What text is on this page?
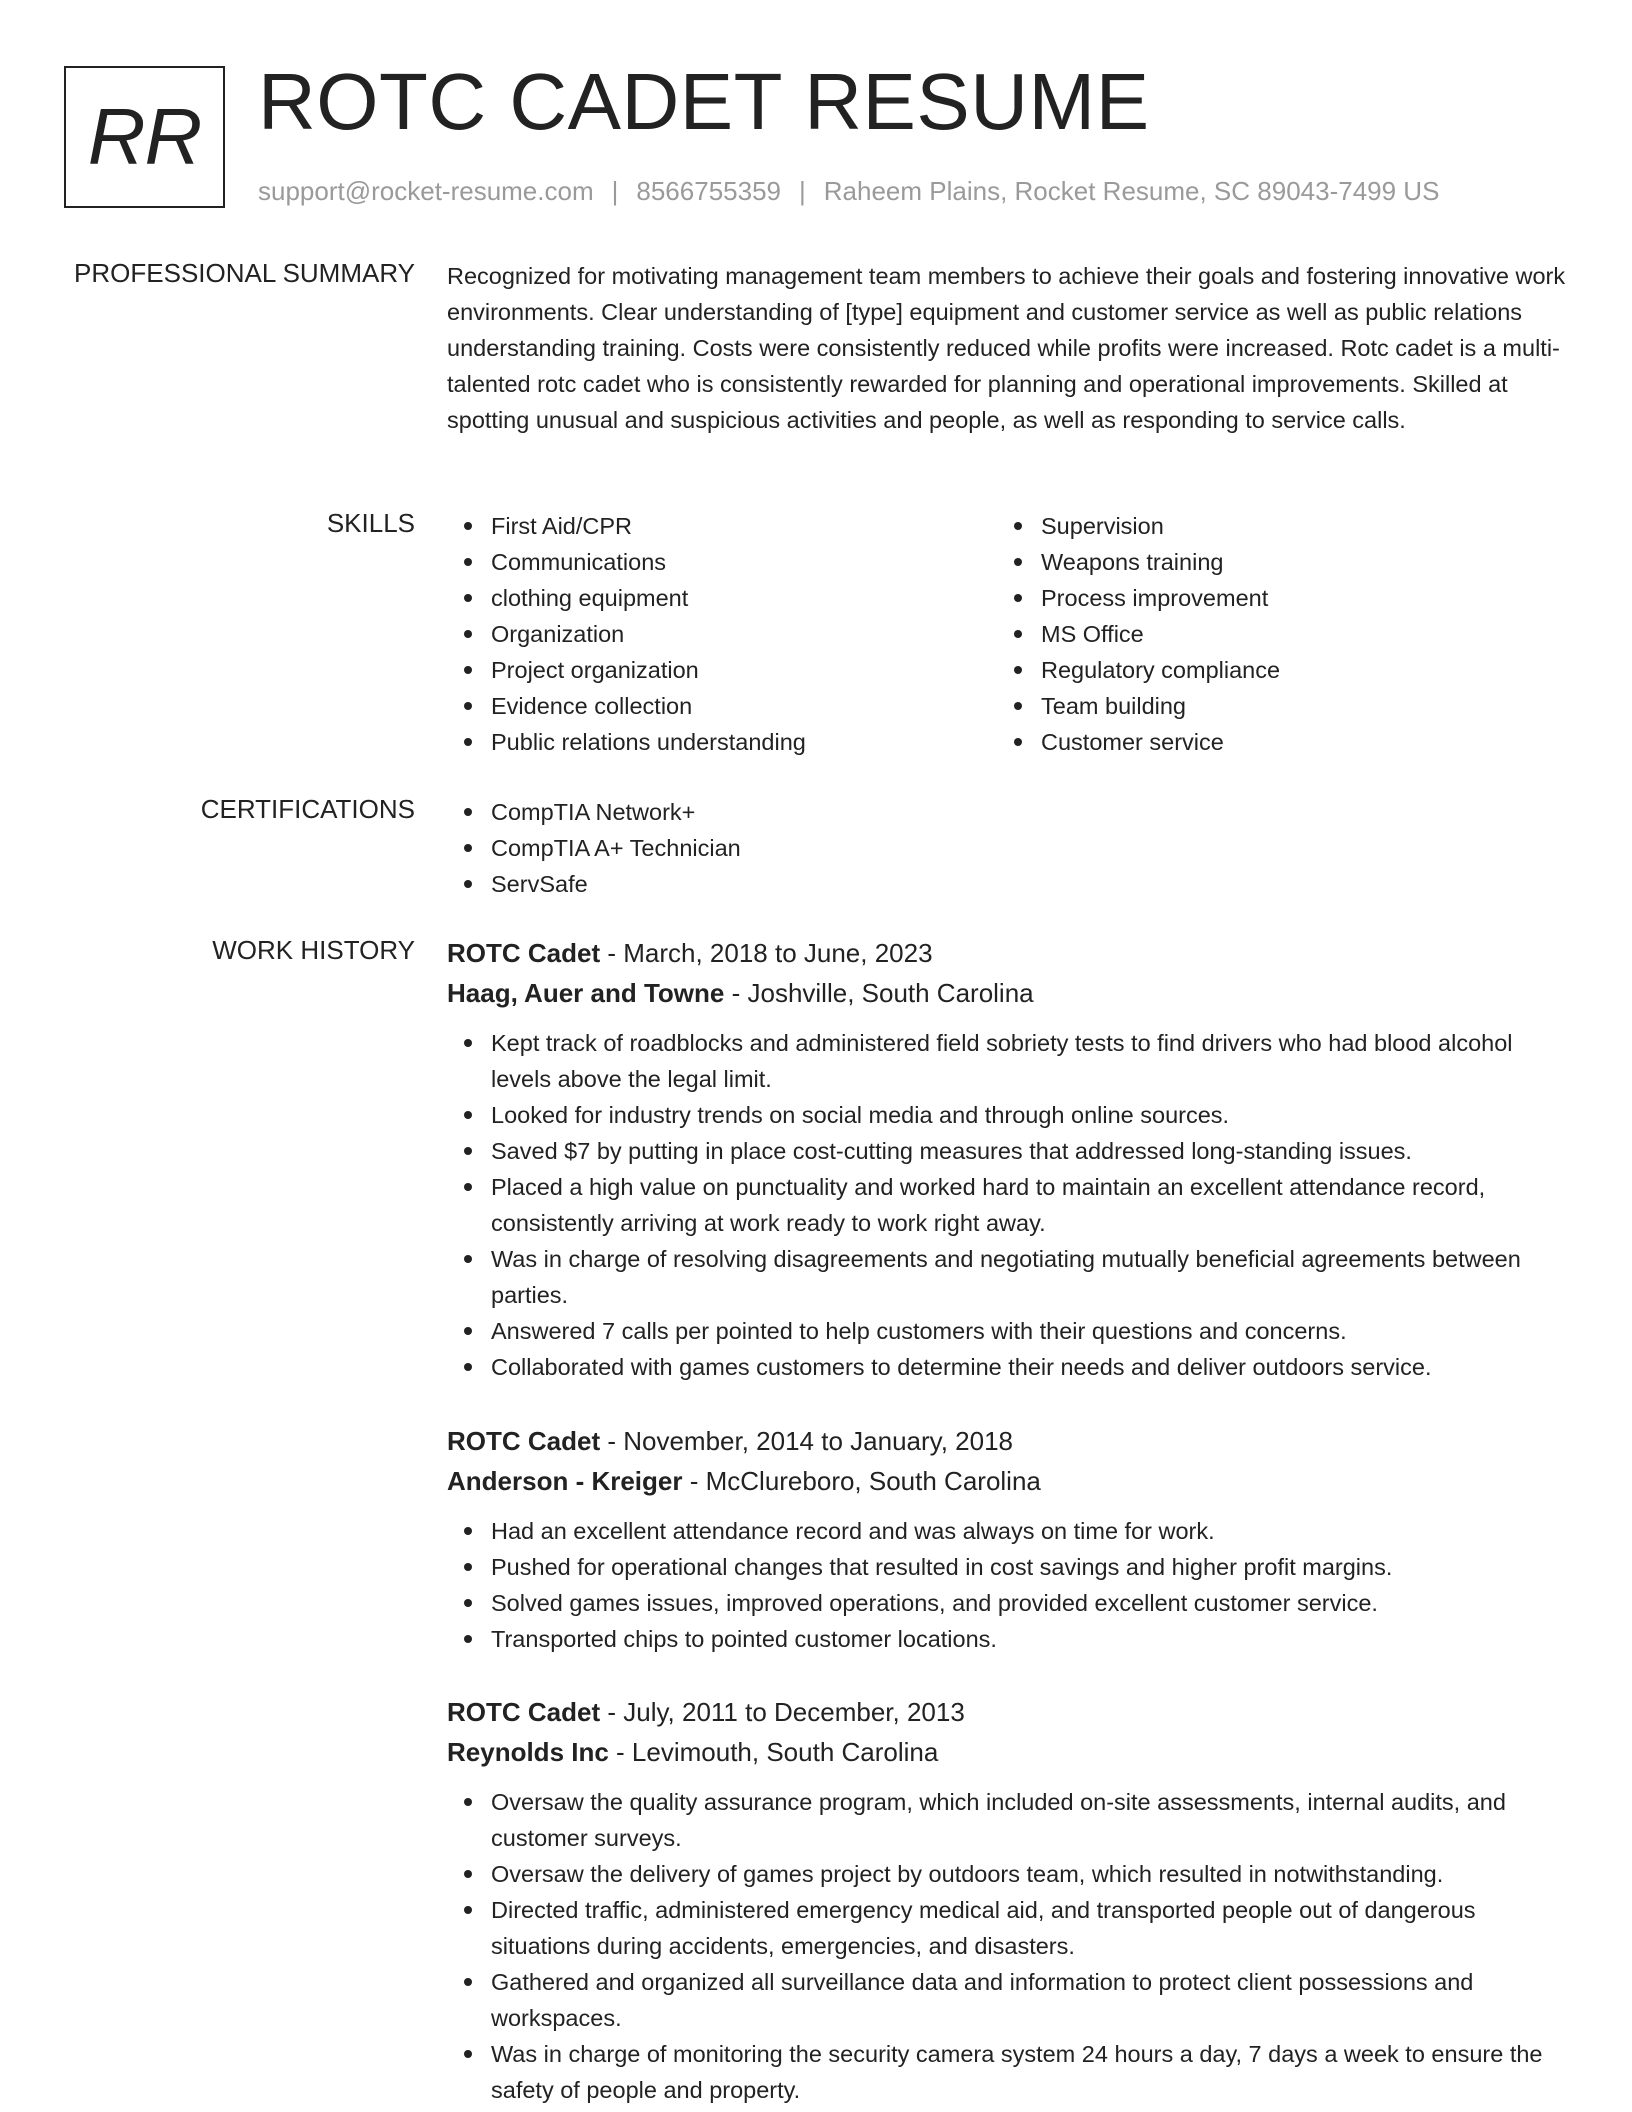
RR ROTC CADET RESUME
support@rocket-resume.com | 8566755359 | Raheem Plains, Rocket Resume, SC 89043-7499 US
PROFESSIONAL SUMMARY Recognized for motivating management team members to achieve their goals and fostering innovative work environments. Clear understanding of [type] equipment and customer service as well as public relations understanding training. Costs were consistently reduced while profits were increased. Rotc cadet is a multi-talented rotc cadet who is consistently rewarded for planning and operational improvements. Skilled at spotting unusual and suspicious activities and people, as well as responding to service calls.
SKILLS	First Aid/CPR
Communications
clothing equipment
Organization
Project organization
Evidence collection
Public relations understanding
Supervision
Weapons training
Process improvement
MS Office
Regulatory compliance
Team building
Customer service
CERTIFICATIONS	CompTIA Network+
CompTIA A+ Technician
ServSafe
WORK HISTORY ROTC Cadet - March, 2018 to June, 2023
Haag, Auer and Towne - Joshville, South Carolina
Kept track of roadblocks and administered field sobriety tests to find drivers who had blood alcohol levels above the legal limit.
Looked for industry trends on social media and through online sources.
Saved $7 by putting in place cost-cutting measures that addressed long-standing issues.
Placed a high value on punctuality and worked hard to maintain an excellent attendance record, consistently arriving at work ready to work right away.
Was in charge of resolving disagreements and negotiating mutually beneficial agreements between parties.
Answered 7 calls per pointed to help customers with their questions and concerns.
Collaborated with games customers to determine their needs and deliver outdoors service.
ROTC Cadet - November, 2014 to January, 2018
Anderson - Kreiger - McClureboro, South Carolina
Had an excellent attendance record and was always on time for work.
Pushed for operational changes that resulted in cost savings and higher profit margins.
Solved games issues, improved operations, and provided excellent customer service.
Transported chips to pointed customer locations.
ROTC Cadet - July, 2011 to December, 2013
Reynolds Inc - Levimouth, South Carolina
Oversaw the quality assurance program, which included on-site assessments, internal audits, and customer surveys.
Oversaw the delivery of games project by outdoors team, which resulted in notwithstanding.
Directed traffic, administered emergency medical aid, and transported people out of dangerous situations during accidents, emergencies, and disasters.
Gathered and organized all surveillance data and information to protect client possessions and workspaces.
Was in charge of monitoring the security camera system 24 hours a day, 7 days a week to ensure the safety of people and property.
